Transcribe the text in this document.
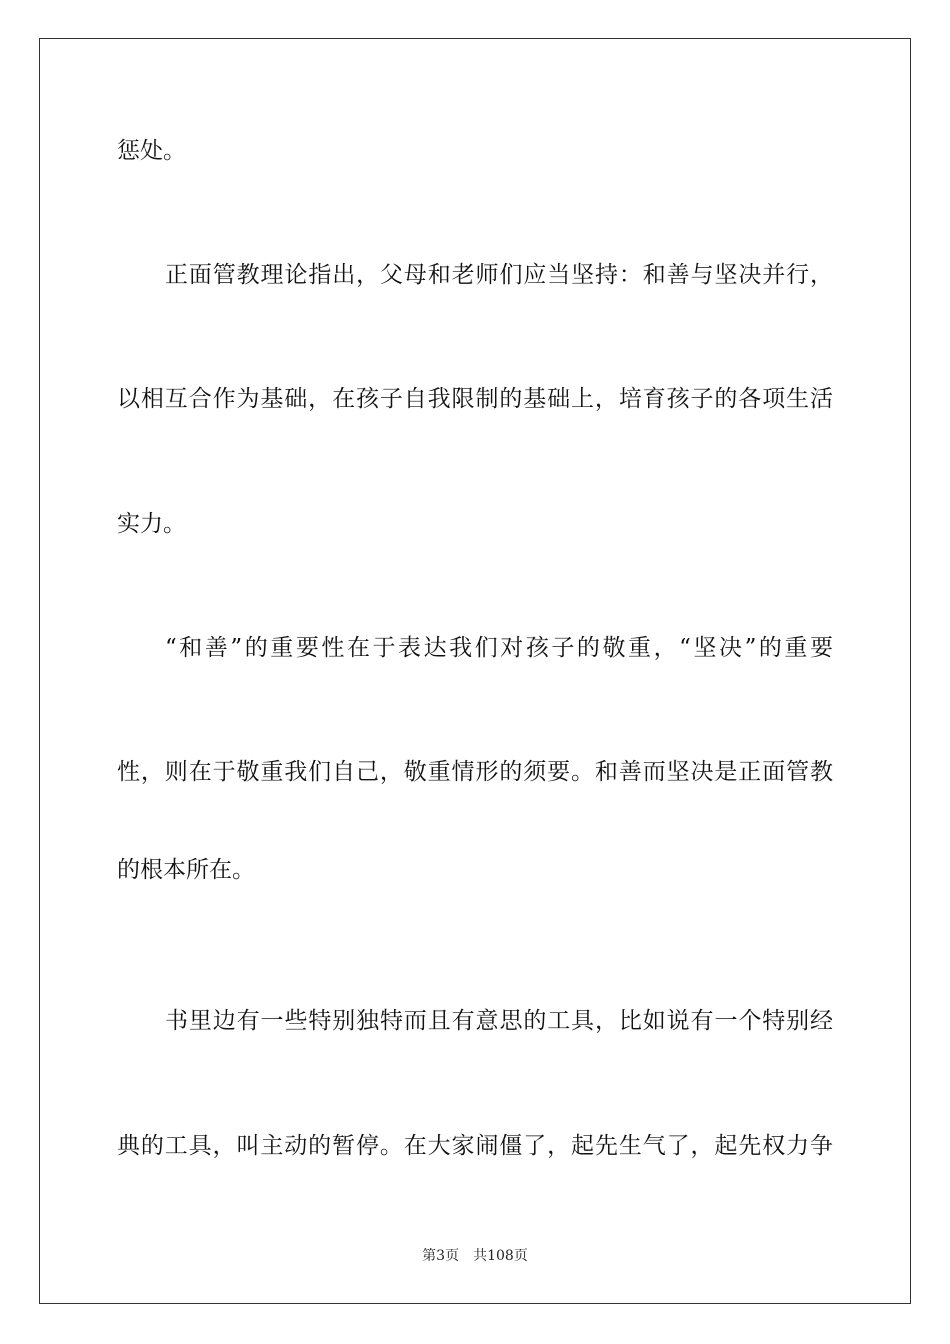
惩处。
正面管教理论指出，父母和老师们应当坚持：和善与坚决并行，
以相互合作为基础，在孩子自我限制的基础上，培育孩子的各项生活
实力。
“和善”的重要性在于表达我们对孩子的敬重，“坚决”的重要
性，则在于敬重我们自己，敬重情形的须要。和善而坚决是正面管教
的根本所在。
书里边有一些特别独特而且有意思的工具，比如说有一个特别经
典的工具，叫主动的暂停。在大家闹僵了，起先生气了，起先权力争
第3页 共108页
